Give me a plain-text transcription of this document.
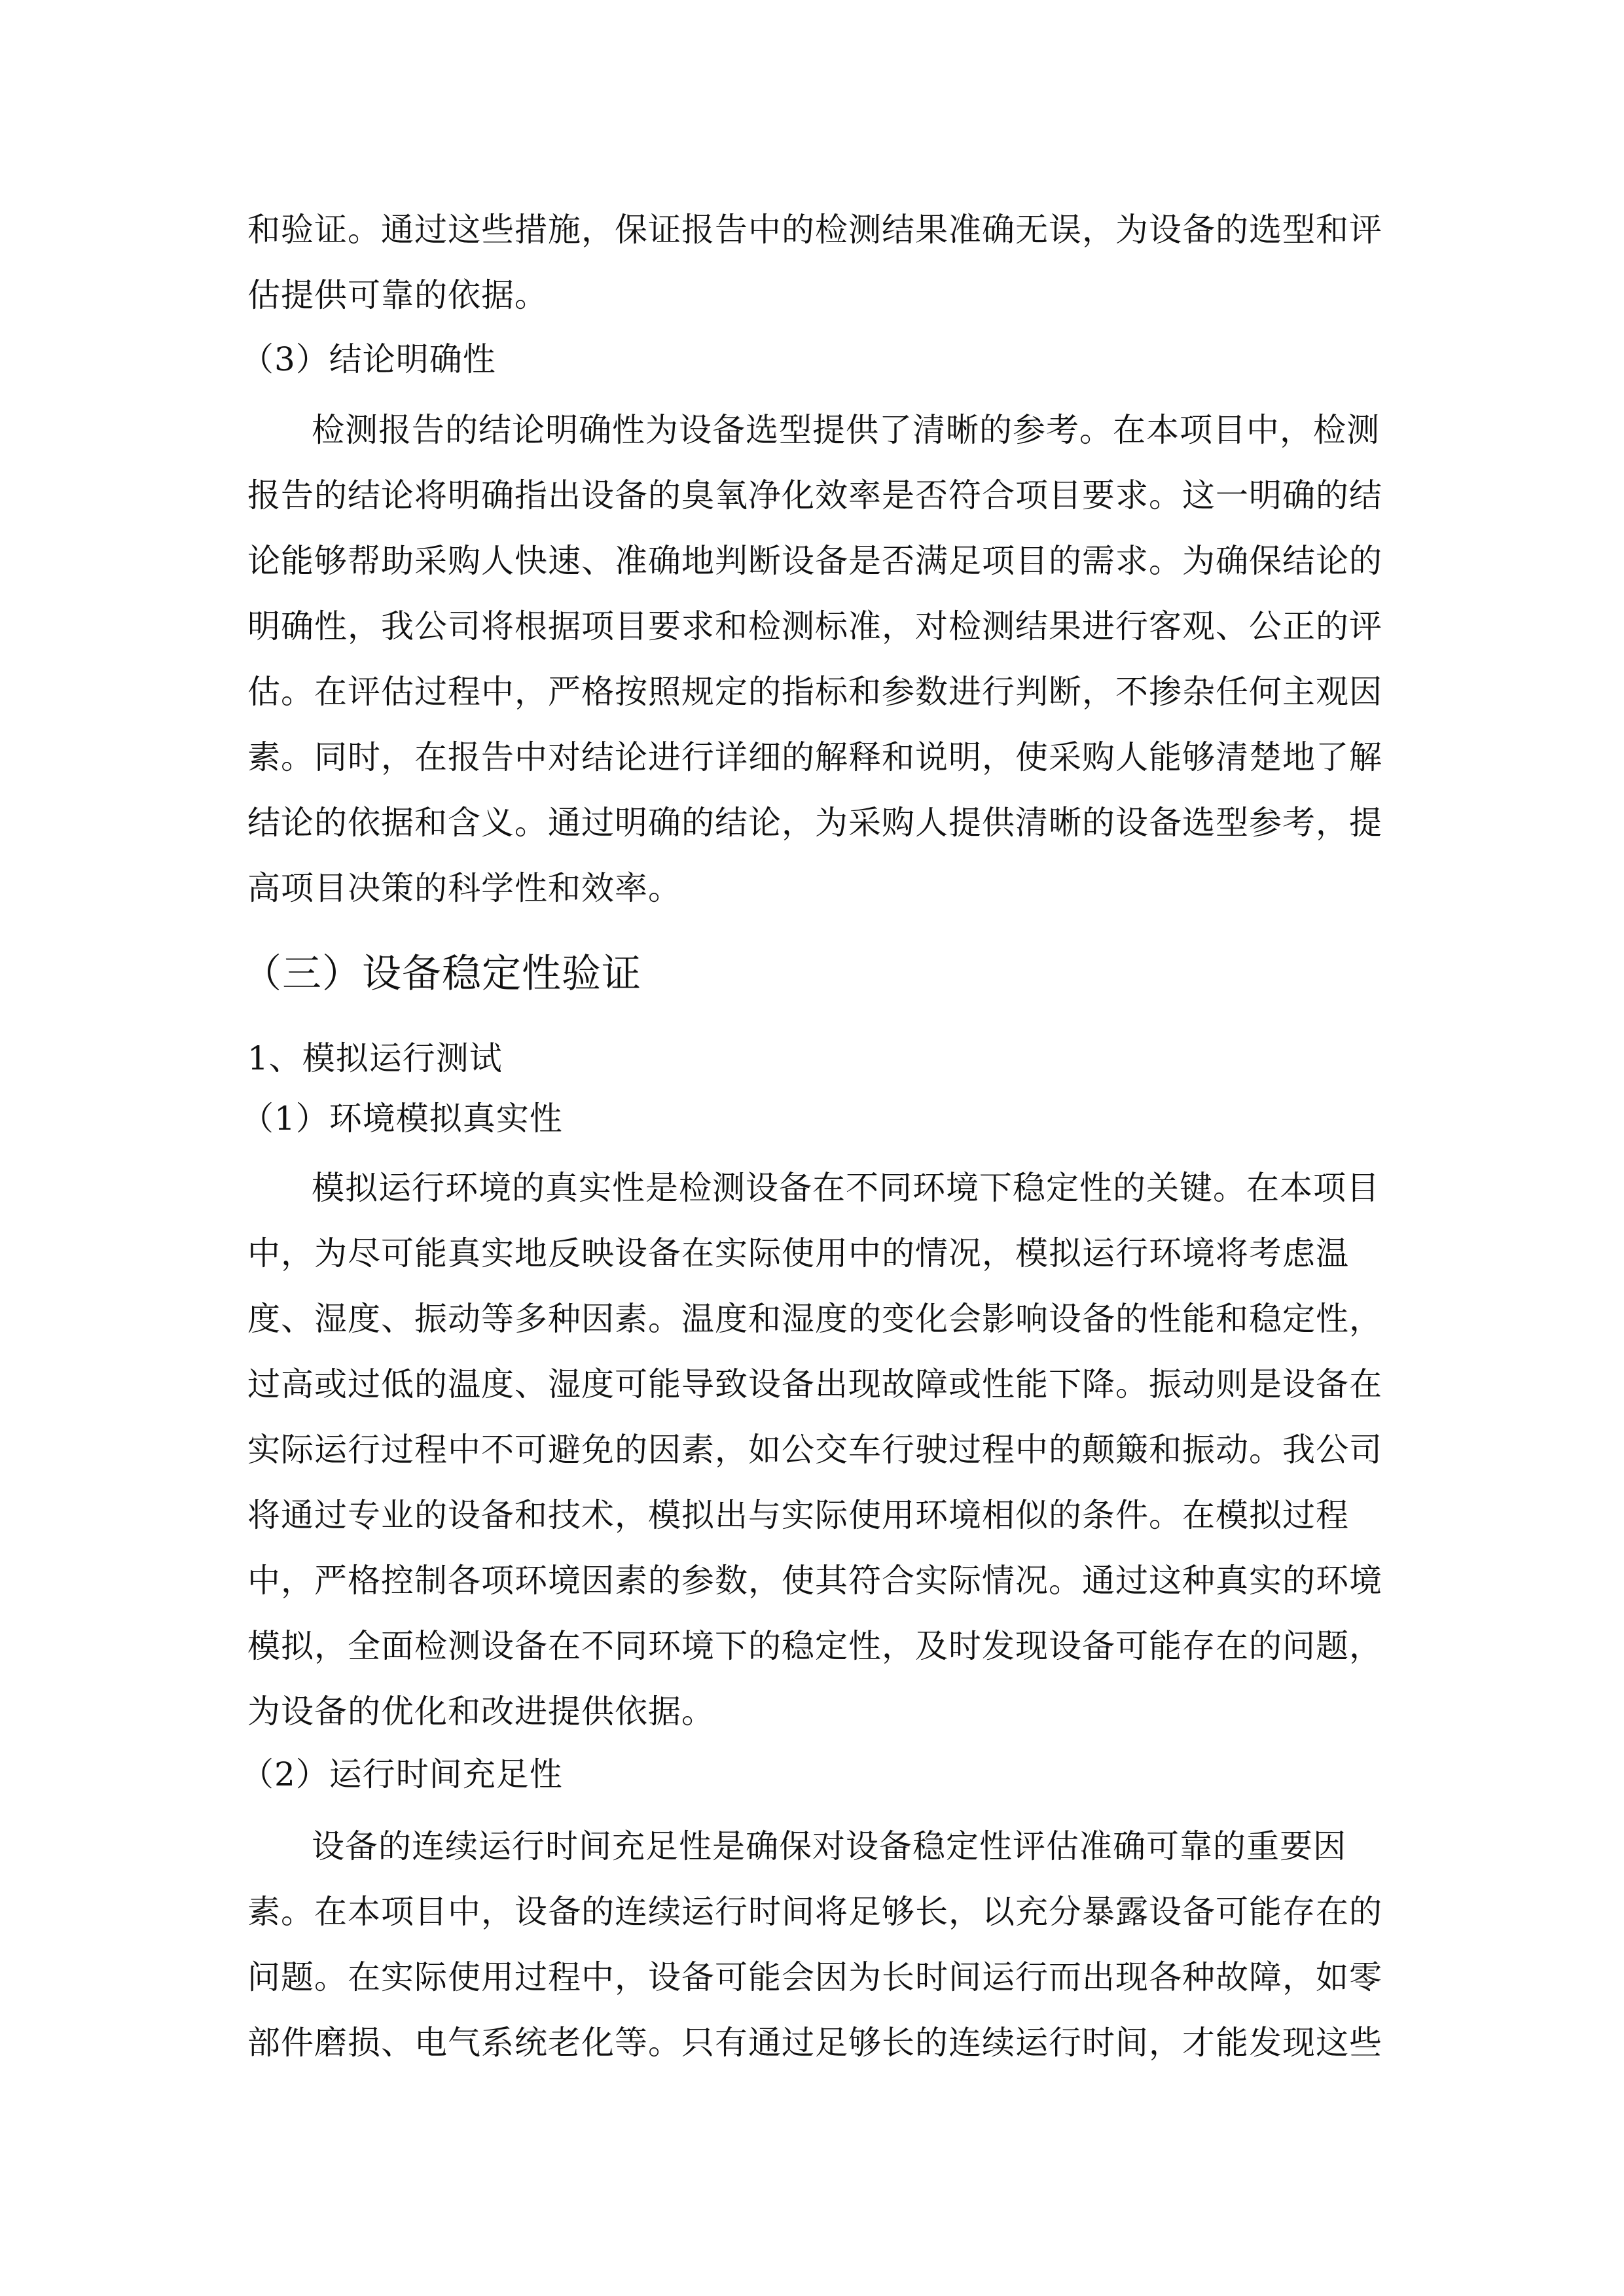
和验证。通过这些措施，保证报告中的检测结果准确无误，为设备的选型和评
估提供可靠的依据。
（3）结论明确性
检测报告的结论明确性为设备选型提供了清晰的参考。在本项目中，检测
报告的结论将明确指出设备的臭氧净化效率是否符合项目要求。这一明确的结
论能够帮助采购人快速、准确地判断设备是否满足项目的需求。为确保结论的
明确性，我公司将根据项目要求和检测标准，对检测结果进行客观、公正的评
估。在评估过程中，严格按照规定的指标和参数进行判断，不掺杂任何主观因
素。同时，在报告中对结论进行详细的解释和说明，使采购人能够清楚地了解
结论的依据和含义。通过明确的结论，为采购人提供清晰的设备选型参考，提
高项目决策的科学性和效率。
（三）设备稳定性验证
1、模拟运行测试
（1）环境模拟真实性
模拟运行环境的真实性是检测设备在不同环境下稳定性的关键。在本项目
中，为尽可能真实地反映设备在实际使用中的情况，模拟运行环境将考虑温
度、湿度、振动等多种因素。温度和湿度的变化会影响设备的性能和稳定性，
过高或过低的温度、湿度可能导致设备出现故障或性能下降。振动则是设备在
实际运行过程中不可避免的因素，如公交车行驶过程中的颠簸和振动。我公司
将通过专业的设备和技术，模拟出与实际使用环境相似的条件。在模拟过程
中，严格控制各项环境因素的参数，使其符合实际情况。通过这种真实的环境
模拟，全面检测设备在不同环境下的稳定性，及时发现设备可能存在的问题，
为设备的优化和改进提供依据。
（2）运行时间充足性
设备的连续运行时间充足性是确保对设备稳定性评估准确可靠的重要因
素。在本项目中，设备的连续运行时间将足够长，以充分暴露设备可能存在的
问题。在实际使用过程中，设备可能会因为长时间运行而出现各种故障，如零
部件磨损、电气系统老化等。只有通过足够长的连续运行时间，才能发现这些
